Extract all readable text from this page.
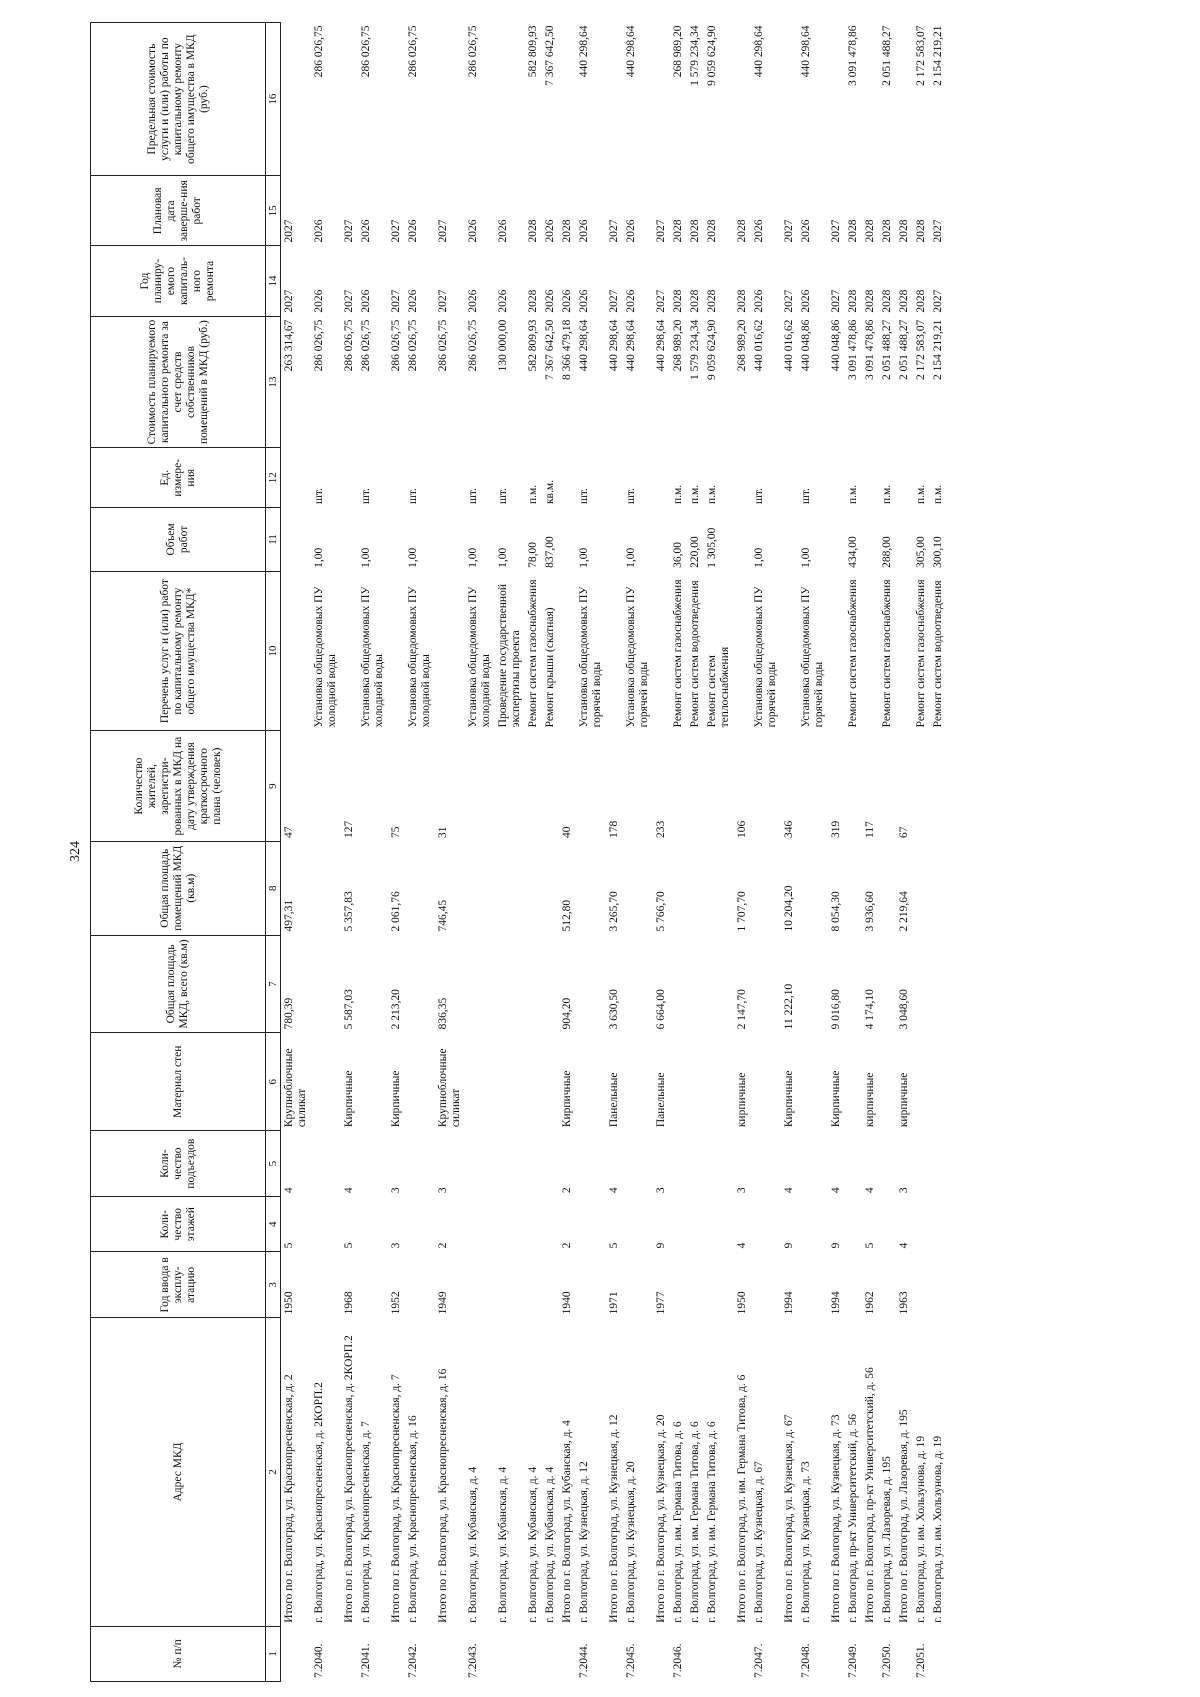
324
№ п/п	Адрес МКД	Год ввода в эксплу-атацию	Коли-чество этажей	Коли-чество подъездов	Материал стен	Общая площадь МКД, всего (кв.м)	Общая площадь помещений МКД (кв.м)	Количество жителей, зарегистри-рованных в МКД на дату утверждения краткосрочного плана (человек)	Перечень услуг и (или) работ по капитальному ремонту общего имущества МКД*	Объем работ	Ед. измере-ния	Стоимость планируемого капитального ремонта за счет средств собственников помещений в МКД (руб.)	Год планиру-емого капиталь-ного ремонта	Плановая дата заверше-ния работ	Предельная стоимость услуги и (или) работы по капитальному ремонту общего имущества в МКД (руб.)
1	2	3	4	5	6	7	8	9	10	11	12	13	14	15	16
	Итого по г. Волгоград, ул. Краснопресненская, д. 2	1950	5	4	Крупноблочные силикат	780,39	497,31	47				263 314,67	2027	2027	
7.2040.	г. Волгоград, ул. Краснопресненская, д. 2КОРП.2								Установка общедомовых ПУ холодной воды	1,00	шт.	286 026,75	2026	2026	286 026,75
	Итого по г. Волгоград, ул. Краснопресненская, д. 2КОРП.2	1968	5	4	Кирпичные	5 587,03	5 357,83	127				286 026,75	2027	2027	
7.2041.	г. Волгоград, ул. Краснопресненская, д. 7								Установка общедомовых ПУ холодной воды	1,00	шт.	286 026,75	2026	2026	286 026,75
	Итого по г. Волгоград, ул. Краснопресненская, д. 7	1952	3	3	Кирпичные	2 213,20	2 061,76	75				286 026,75	2027	2027	
7.2042.	г. Волгоград, ул. Краснопресненская, д. 16								Установка общедомовых ПУ холодной воды	1,00	шт.	286 026,75	2026	2026	286 026,75
	Итого по г. Волгоград, ул. Краснопресненская, д. 16	1949	2	3	Крупноблочные силикат	836,35	746,45	31				286 026,75	2027	2027	
7.2043.	г. Волгоград, ул. Кубанская, д. 4								Установка общедомовых ПУ холодной воды	1,00	шт.	286 026,75	2026	2026	286 026,75
	г. Волгоград, ул. Кубанская, д. 4								Проведение государственной экспертизы проекта	1,00	шт.	130 000,00	2026	2026	
	г. Волгоград, ул. Кубанская, д. 4								Ремонт систем газоснабжения	78,00	п.м.	582 809,93	2028	2028	582 809,93
	г. Волгоград, ул. Кубанская, д. 4								Ремонт крыши (скатная)	837,00	кв.м.	7 367 642,50	2026	2026	7 367 642,50
	Итого по г. Волгоград, ул. Кубанская, д. 4	1940	2	2	Кирпичные	904,20	512,80	40				8 366 479,18	2026	2028	
7.2044.	г. Волгоград, ул. Кузнецкая, д. 12								Установка общедомовых ПУ горячей воды	1,00	шт.	440 298,64	2026	2026	440 298,64
	Итого по г. Волгоград, ул. Кузнецкая, д. 12	1971	5	4	Панельные	3 630,50	3 265,70	178				440 298,64	2027	2027	
7.2045.	г. Волгоград, ул. Кузнецкая, д. 20								Установка общедомовых ПУ горячей воды	1,00	шт.	440 298,64	2026	2026	440 298,64
	Итого по г. Волгоград, ул. Кузнецкая, д. 20	1977	9	3	Панельные	6 664,00	5 766,70	233				440 298,64	2027	2027	
7.2046.	г. Волгоград, ул. им. Германа Титова, д. 6								Ремонт систем газоснабжения	36,00	п.м.	268 989,20	2028	2028	268 989,20
	г. Волгоград, ул. им. Германа Титова, д. 6								Ремонт систем водоотведения	220,00	п.м.	1 579 234,34	2028	2028	1 579 234,34
	г. Волгоград, ул. им. Германа Титова, д. 6								Ремонт систем теплоснабжения	1 305,00	п.м.	9 059 624,90	2028	2028	9 059 624,90
	Итого по г. Волгоград, ул. им. Германа Титова, д. 6	1950	4	3	кирпичные	2 147,70	1 707,70	106				268 989,20	2028	2028	
7.2047.	г. Волгоград, ул. Кузнецкая, д. 67								Установка общедомовых ПУ горячей воды	1,00	шт.	440 016,62	2026	2026	440 298,64
	Итого по г. Волгоград, ул. Кузнецкая, д. 67	1994	9	4	Кирпичные	11 222,10	10 204,20	346				440 016,62	2027	2027	
7.2048.	г. Волгоград, ул. Кузнецкая, д. 73								Установка общедомовых ПУ горячей воды	1,00	шт.	440 048,86	2026	2026	440 298,64
	Итого по г. Волгоград, ул. Кузнецкая, д. 73	1994	9	4	Кирпичные	9 016,80	8 054,30	319				440 048,86	2027	2027	
7.2049.	г. Волгоград, пр-кт Университетский, д. 56								Ремонт систем газоснабжения	434,00	п.м.	3 091 478,86	2028	2028	3 091 478,86
	Итого по г. Волгоград, пр-кт Университетский, д. 56	1962	5	4	кирпичные	4 174,10	3 936,60	117				3 091 478,86	2028	2028	
7.2050.	г. Волгоград, ул. Лазоревая, д. 195								Ремонт систем газоснабжения	288,00	п.м.	2 051 488,27	2028	2028	2 051 488,27
	Итого по г. Волгоград, ул. Лазоревая, д. 195	1963	4	3	кирпичные	3 048,60	2 219,64	67				2 051 488,27	2028	2028	
7.2051.	г. Волгоград, ул. им. Хользунова, д. 19								Ремонт систем газоснабжения	305,00	п.м.	2 172 583,07	2028	2028	2 172 583,07
	г. Волгоград, ул. им. Хользунова, д. 19								Ремонт систем водоотведения	300,10	п.м.	2 154 219,21	2027	2027	2 154 219,21
